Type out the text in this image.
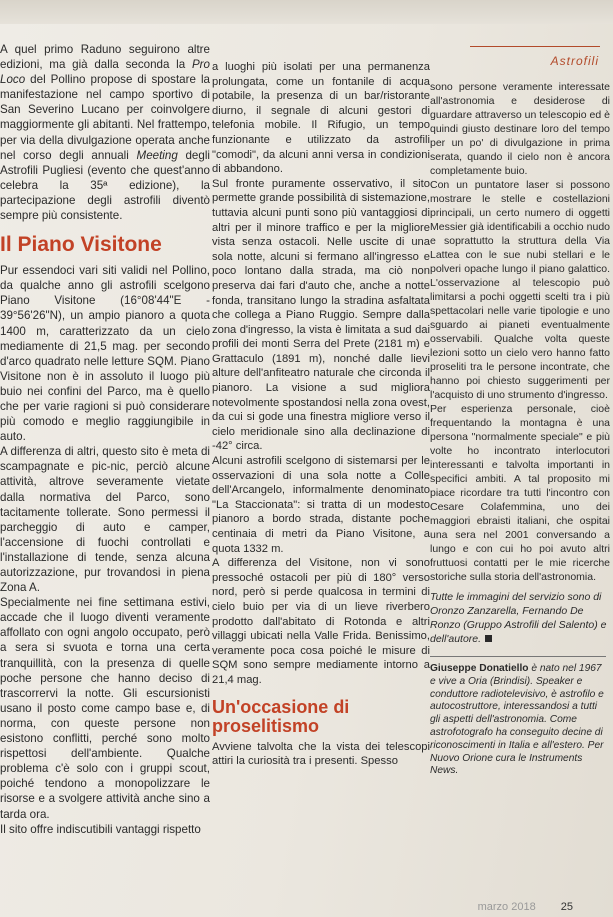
Astrofili

A quel primo Raduno seguirono altre edizioni, ma già dalla seconda la Pro Loco del Pollino propose di spostare la manifestazione nel campo sportivo di San Severino Lucano per coinvolgere maggiormente gli abitanti. Nel frattempo, per via della divulgazione operata anche nel corso degli annuali Meeting degli Astrofili Pugliesi (evento che quest'anno celebra la 35ª edizione), la partecipazione degli astrofili diventò sempre più consistente.

Il Piano Visitone

Pur essendoci vari siti validi nel Pollino, da qualche anno gli astrofili scelgono Piano Visitone (16°08'44"E - 39°56'26"N), un ampio pianoro a quota 1400 m, caratterizzato da un cielo mediamente di 21,5 mag. per secondo d'arco quadrato nelle letture SQM. Piano Visitone non è in assoluto il luogo più buio nei confini del Parco, ma è quello che per varie ragioni si può considerare più comodo e meglio raggiungibile in auto.

A differenza di altri, questo sito è meta di scampagnate e pic-nic, perciò alcune attività, altrove severamente vietate dalla normativa del Parco, sono tacitamente tollerate. Sono permessi il parcheggio di auto e camper, l'accensione di fuochi controllati e l'installazione di tende, senza alcuna autorizzazione, pur trovandosi in piena Zona A.

Specialmente nei fine settimana estivi, accade che il luogo diventi veramente affollato con ogni angolo occupato, però a sera si svuota e torna una certa tranquillità, con la presenza di quelle poche persone che hanno deciso di trascorrervi la notte. Gli escursionisti usano il posto come campo base e, di norma, con queste persone non esistono conflitti, perché sono molto rispettosi dell'ambiente. Qualche problema c'è solo con i gruppi scout, poiché tendono a monopolizzare le risorse e a svolgere attività anche sino a tarda ora.

Il sito offre indiscutibili vantaggi rispetto

a luoghi più isolati per una permanenza prolungata, come un fontanile di acqua potabile, la presenza di un bar/ristorante diurno, il segnale di alcuni gestori di telefonia mobile. Il Rifugio, un tempo funzionante e utilizzato da astrofili "comodi", da alcuni anni versa in condizioni di abbandono.

Sul fronte puramente osservativo, il sito permette grande possibilità di sistemazione, tuttavia alcuni punti sono più vantaggiosi di altri per il minore traffico e per la migliore vista senza ostacoli. Nelle uscite di una sola notte, alcuni si fermano all'ingresso e poco lontano dalla strada, ma ciò non preserva dai fari d'auto che, anche a notte fonda, transitano lungo la stradina asfaltata che collega a Piano Ruggio. Sempre dalla zona d'ingresso, la vista è limitata a sud dai profili dei monti Serra del Prete (2181 m) e Grattaculo (1891 m), nonché dalle lievi alture dell'anfiteatro naturale che circonda il pianoro. La visione a sud migliora notevolmente spostandosi nella zona ovest, da cui si gode una finestra migliore verso il cielo meridionale sino alla declinazione di -42° circa.

Alcuni astrofili scelgono di sistemarsi per le osservazioni di una sola notte a Colle dell'Arcangelo, informalmente denominato "La Staccionata": si tratta di un modesto pianoro a bordo strada, distante poche centinaia di metri da Piano Visitone, a quota 1332 m.

A differenza del Visitone, non vi sono pressoché ostacoli per più di 180° verso nord, però si perde qualcosa in termini di cielo buio per via di un lieve riverbero prodotto dall'abitato di Rotonda e altri villaggi ubicati nella Valle Frida. Benissimo, veramente poca cosa poiché le misure di SQM sono sempre mediamente intorno a 21,4 mag.

Un'occasione di proselitismo

Avviene talvolta che la vista dei telescopi attiri la curiosità tra i presenti. Spesso

sono persone veramente interessate all'astronomia e desiderose di guardare attraverso un telescopio ed è quindi giusto destinare loro del tempo per un po' di divulgazione in prima serata, quando il cielo non è ancora completamente buio.

Con un puntatore laser si possono mostrare le stelle e costellazioni principali, un certo numero di oggetti Messier già identificabili a occhio nudo e soprattutto la struttura della Via Lattea con le sue nubi stellari e le polveri opache lungo il piano galattico. L'osservazione al telescopio può limitarsi a pochi oggetti scelti tra i più spettacolari nelle varie tipologie e uno sguardo ai pianeti eventualmente osservabili. Qualche volta queste lezioni sotto un cielo vero hanno fatto proseliti tra le persone incontrate, che hanno poi chiesto suggerimenti per l'acquisto di uno strumento d'ingresso.

Per esperienza personale, cioè frequentando la montagna è una persona "normalmente speciale" e più volte ho incontrato interlocutori interessanti e talvolta importanti in specifici ambiti. A tal proposito mi piace ricordare tra tutti l'incontro con Cesare Colafemmina, uno dei maggiori ebraisti italiani, che ospitai una sera nel 2001 conversando a lungo e con cui ho poi avuto altri fruttuosi contatti per le mie ricerche storiche sulla storia dell'astronomia.

Tutte le immagini del servizio sono di Oronzo Zanzarella, Fernando De Ronzo (Gruppo Astrofili del Salento) e dell'autore.

Giuseppe Donatiello è nato nel 1967 e vive a Oria (Brindisi). Speaker e conduttore radiotelevisivo, è astrofilo e autocostruttore, interessandosi a tutti gli aspetti dell'astronomia. Come astrofotografo ha conseguito decine di riconoscimenti in Italia e all'estero. Per Nuovo Orione cura le Instruments News.
marzo 2018 25
